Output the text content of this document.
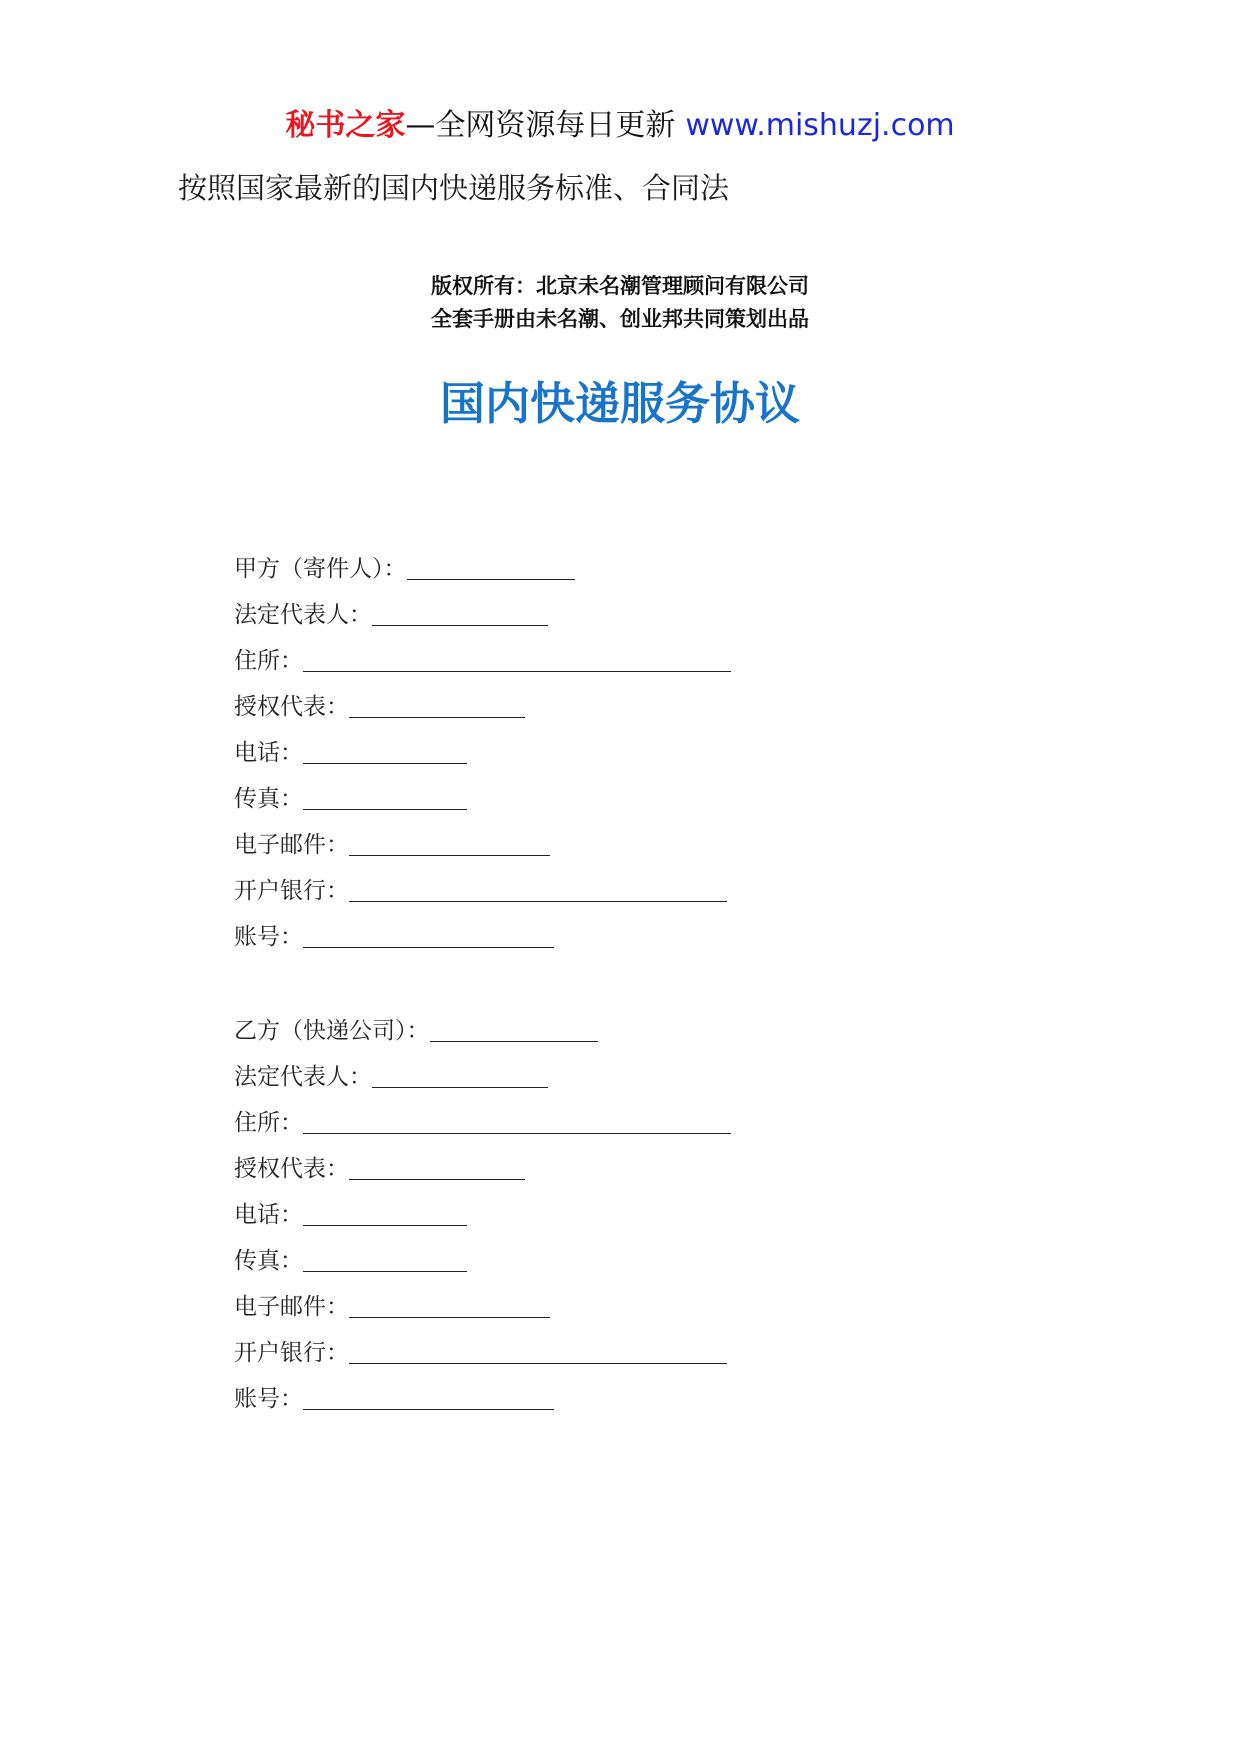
秘书之家—全网资源每日更新 www.mishuzj.com
按照国家最新的国内快递服务标准、合同法
版权所有：北京未名潮管理顾问有限公司
全套手册由未名潮、创业邦共同策划出品
国内快递服务协议
甲方（寄件人）：
法定代表人：
住所：
授权代表：
电话：
传真：
电子邮件：
开户银行：
账号：
乙方（快递公司）：
法定代表人：
住所：
授权代表：
电话：
传真：
电子邮件：
开户银行：
账号：
